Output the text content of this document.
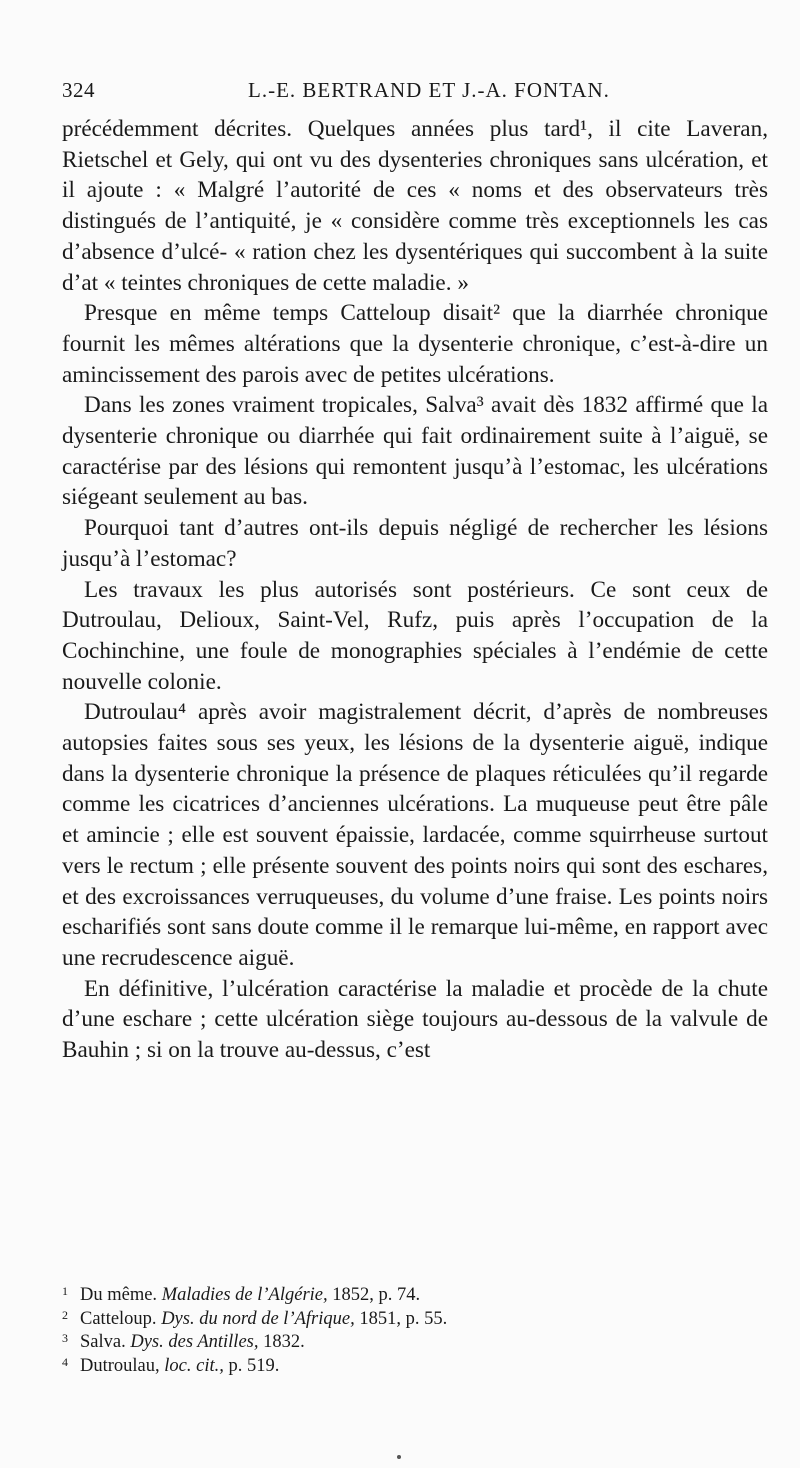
324	L.-E. BERTRAND ET J.-A. FONTAN.

précédemment décrites. Quelques années plus tard¹, il cite Laveran, Rietschel et Gely, qui ont vu des dysenteries chroniques sans ulcération, et il ajoute : « Malgré l’autorité de ces « noms et des observateurs très distingués de l’antiquité, je « considère comme très exceptionnels les cas d’absence d’ulcé- « ration chez les dysentériques qui succombent à la suite d’at « teintes chroniques de cette maladie. »

Presque en même temps Catteloup disait² que la diarrhée chronique fournit les mêmes altérations que la dysenterie chronique, c’est-à-dire un amincissement des parois avec de petites ulcérations.

Dans les zones vraiment tropicales, Salva³ avait dès 1832 affirmé que la dysenterie chronique ou diarrhée qui fait ordinairement suite à l’aiguë, se caractérise par des lésions qui remontent jusqu’à l’estomac, les ulcérations siégeant seulement au bas.

Pourquoi tant d’autres ont-ils depuis négligé de rechercher les lésions jusqu’à l’estomac?

Les travaux les plus autorisés sont postérieurs. Ce sont ceux de Dutroulau, Delioux, Saint-Vel, Rufz, puis après l’occupation de la Cochinchine, une foule de monographies spéciales à l’endémie de cette nouvelle colonie.

Dutroulau⁴ après avoir magistralement décrit, d’après de nombreuses autopsies faites sous ses yeux, les lésions de la dysenterie aiguë, indique dans la dysenterie chronique la présence de plaques réticulées qu’il regarde comme les cicatrices d’anciennes ulcérations. La muqueuse peut être pâle et amincie ; elle est souvent épaissie, lardacée, comme squirrheuse surtout vers le rectum ; elle présente souvent des points noirs qui sont des eschares, et des excroissances verruqueuses, du volume d’une fraise. Les points noirs escharifiés sont sans doute comme il le remarque lui-même, en rapport avec une recrudescence aiguë.

En définitive, l’ulcération caractérise la maladie et procède de la chute d’une eschare ; cette ulcération siège toujours au-dessous de la valvule de Bauhin ; si on la trouve au-dessus, c’est

1 Du même. Maladies de l’Algérie, 1852, p. 74.

2 Catteloup. Dys. du nord de l’Afrique, 1851, p. 55.

3 Salva. Dys. des Antilles, 1832.

4 Dutroulau, loc. cit., p. 519.
